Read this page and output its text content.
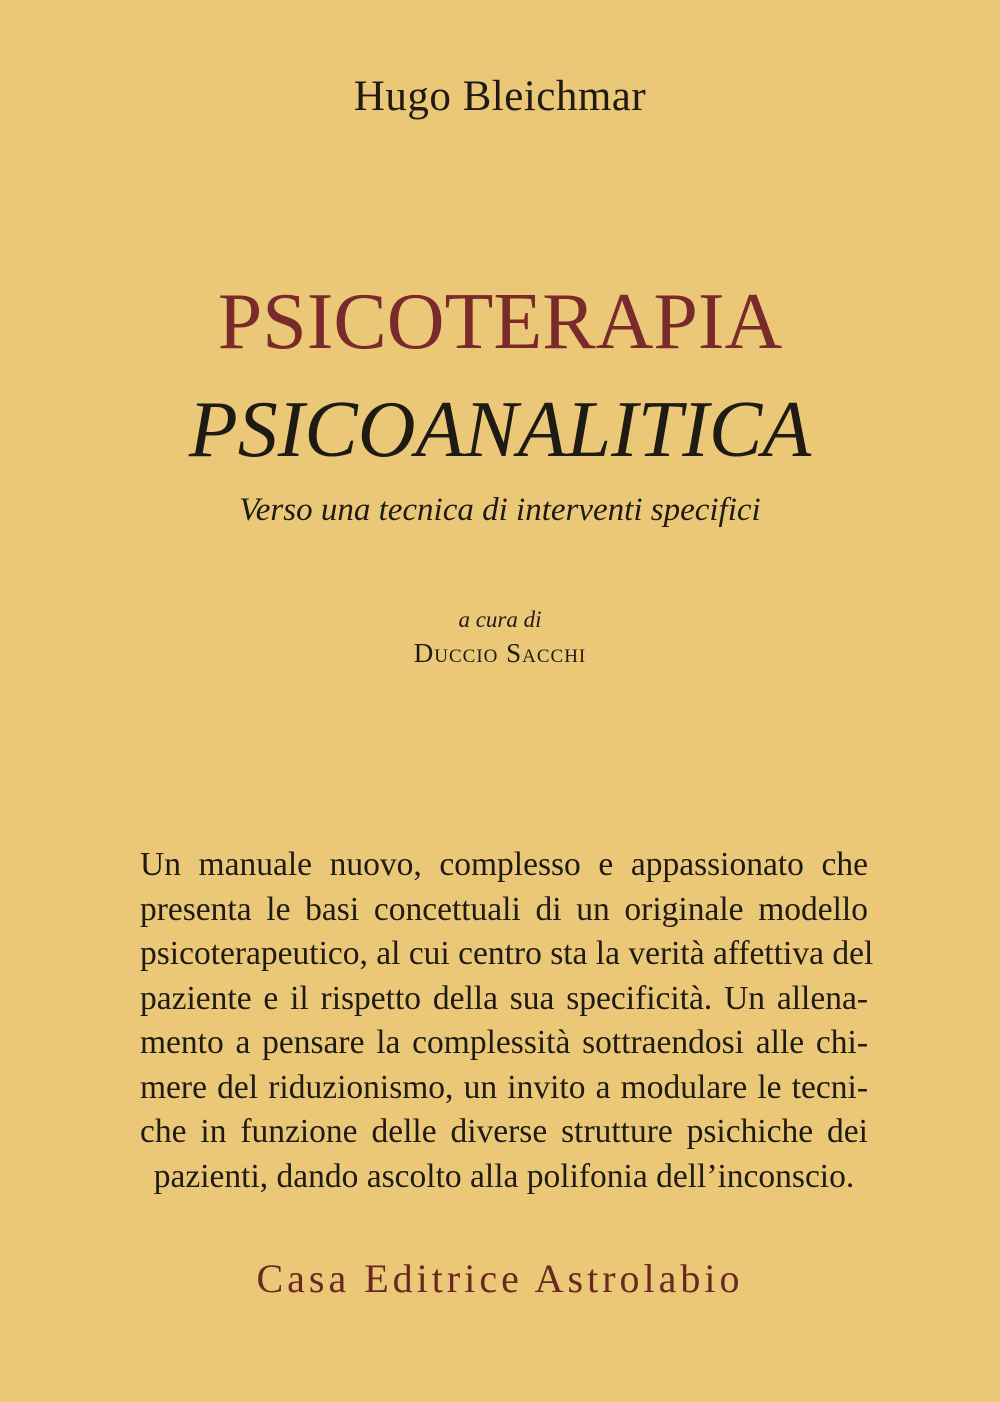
Hugo Bleichmar
PSICOTERAPIA
PSICOANALITICA
Verso una tecnica di interventi specifici
a cura di
Duccio Sacchi
Un manuale nuovo, complesso e appassionato che
presenta le basi concettuali di un originale modello
psicoterapeutico, al cui centro sta la verità affettiva del
paziente e il rispetto della sua specificità. Un allena-
mento a pensare la complessità sottraendosi alle chi-
mere del riduzionismo, un invito a modulare le tecni-
che in funzione delle diverse strutture psichiche dei
pazienti, dando ascolto alla polifonia dell’inconscio.
Casa Editrice Astrolabio
